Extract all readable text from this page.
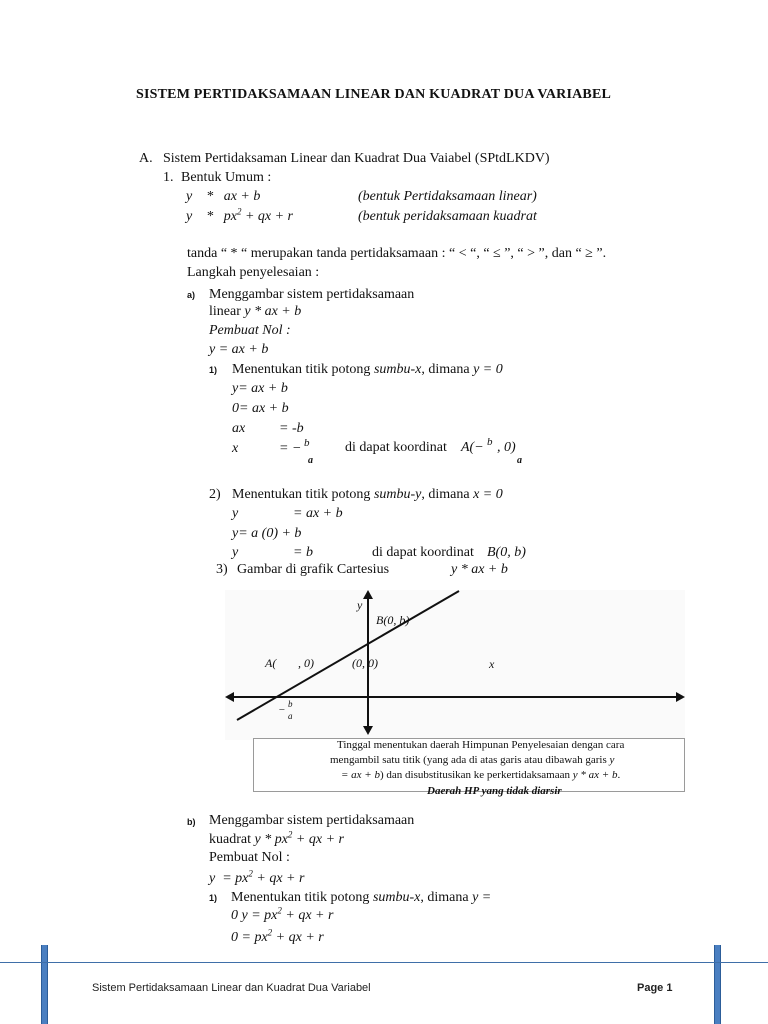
SISTEM PERTIDAKSAMAAN LINEAR DAN KUADRAT DUA VARIABEL
A. Sistem Pertidaksaman Linear dan Kuadrat Dua Vaiabel (SPtdLKDV)
1. Bentuk Umum :
y    *   ax + b	(bentuk Pertidaksamaan linear)
y    *   $px^2$ + qx + r	(bentuk peridaksamaan kuadrat
tanda “ * “ merupakan tanda pertidaksamaan : “ < “, “ ≤ ”, “ > ”, dan “ ≥ ”.
Langkah penyelesaian :
a) Menggambar sistem pertidaksamaan
linear y * ax + b
Pembuat Nol :
y = ax + b
1) Menentukan titik potong sumbu-x, dimana y = 0
y= ax + b
0= ax + b
ax = -b
x	= − b
a
di dapat koordinat A(− b , 0)
a
2) Menentukan titik potong sumbu-y, dimana x = 0
y	= ax + b
y= a (0) + b
y	= b	di dapat koordinat B(0, b)
3) Gambar di grafik Cartesius	y * ax + b
y
B(0, b)
A( , 0)	(0, 0)	x
− b
a
Tinggal menentukan daerah Himpunan Penyelesaian dengan cara
mengambil satu titik (yang ada di atas garis atau dibawah garis y
= ax + b) dan disubstitusikan ke perkertidaksamaan y * ax + b.
Daerah HP yang tidak diarsir
b) Menggambar sistem pertidaksamaan
kuadrat y * $px^2$ + qx + r
Pembuat Nol :
$y = px^2$ + qx + r
1) Menentukan titik potong sumbu-x, dimana y =
0 $y = px^2$ + qx + r
$0 = px^2$ + qx + r
Sistem Pertidaksamaan Linear dan Kuadrat Dua Variabel	Page 1
